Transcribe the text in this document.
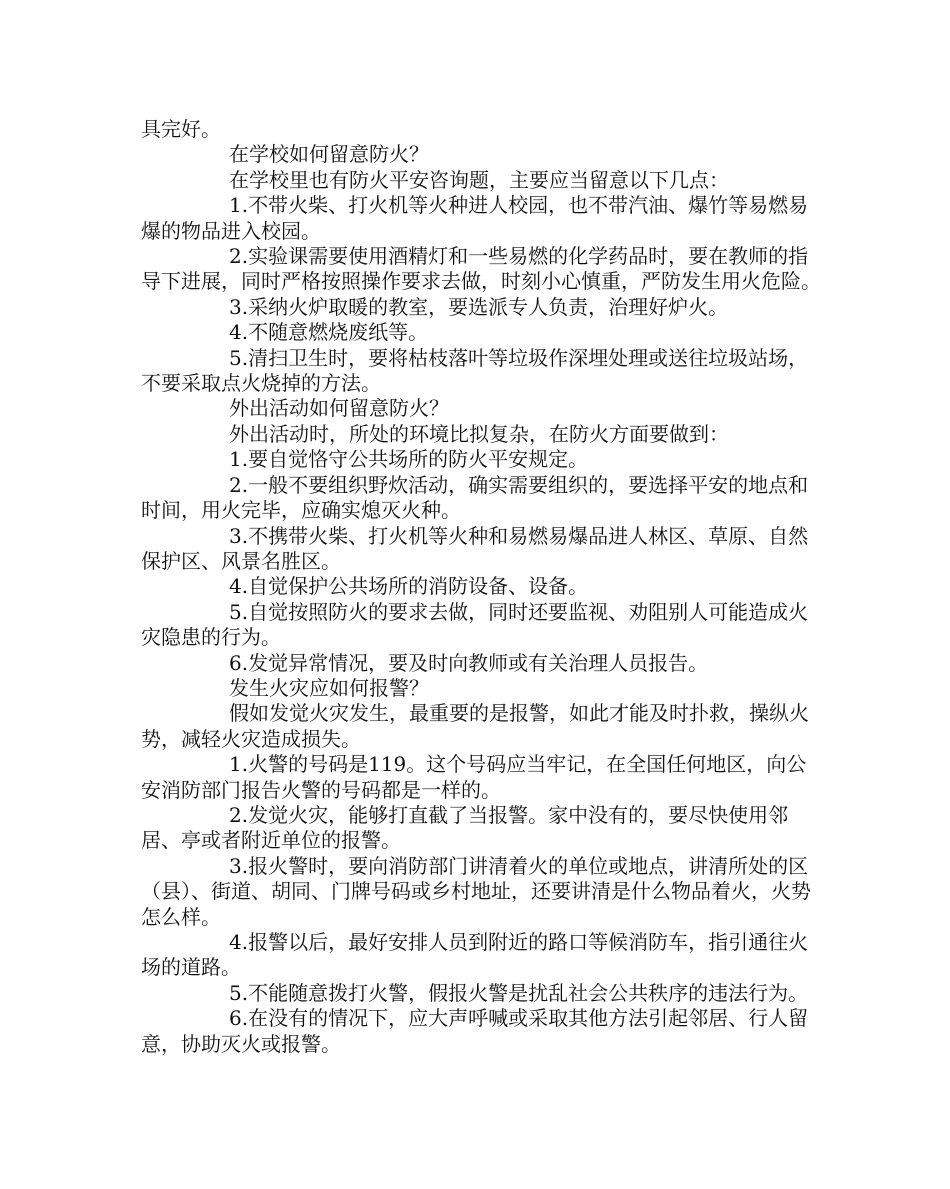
具完好。

在学校如何留意防火？

在学校里也有防火平安咨询题，主要应当留意以下几点：

1.不带火柴、打火机等火种进人校园，也不带汽油、爆竹等易燃易爆的物品进入校园。

2.实验课需要使用酒精灯和一些易燃的化学药品时，要在教师的指导下进展，同时严格按照操作要求去做，时刻小心慎重，严防发生用火危险。

3.采纳火炉取暖的教室，要选派专人负责，治理好炉火。

4.不随意燃烧废纸等。

5.清扫卫生时，要将枯枝落叶等垃圾作深埋处理或送往垃圾站场，不要采取点火烧掉的方法。

外出活动如何留意防火？

外出活动时，所处的环境比拟复杂，在防火方面要做到：

1.要自觉恪守公共场所的防火平安规定。

2.一般不要组织野炊活动，确实需要组织的，要选择平安的地点和时间，用火完毕，应确实熄灭火种。

3.不携带火柴、打火机等火种和易燃易爆品进人林区、草原、自然保护区、风景名胜区。

4.自觉保护公共场所的消防设备、设备。

5.自觉按照防火的要求去做，同时还要监视、劝阻别人可能造成火灾隐患的行为。

6.发觉异常情况，要及时向教师或有关治理人员报告。

发生火灾应如何报警？

假如发觉火灾发生，最重要的是报警，如此才能及时扑救，操纵火势，减轻火灾造成损失。

1.火警的号码是119。这个号码应当牢记，在全国任何地区，向公安消防部门报告火警的号码都是一样的。

2.发觉火灾，能够打直截了当报警。家中没有的，要尽快使用邻居、亭或者附近单位的报警。

3.报火警时，要向消防部门讲清着火的单位或地点，讲清所处的区（县）、街道、胡同、门牌号码或乡村地址，还要讲清是什么物品着火，火势怎么样。

4.报警以后，最好安排人员到附近的路口等候消防车，指引通往火场的道路。

5.不能随意拨打火警，假报火警是扰乱社会公共秩序的违法行为。

6.在没有的情况下，应大声呼喊或采取其他方法引起邻居、行人留意，协助灭火或报警。
